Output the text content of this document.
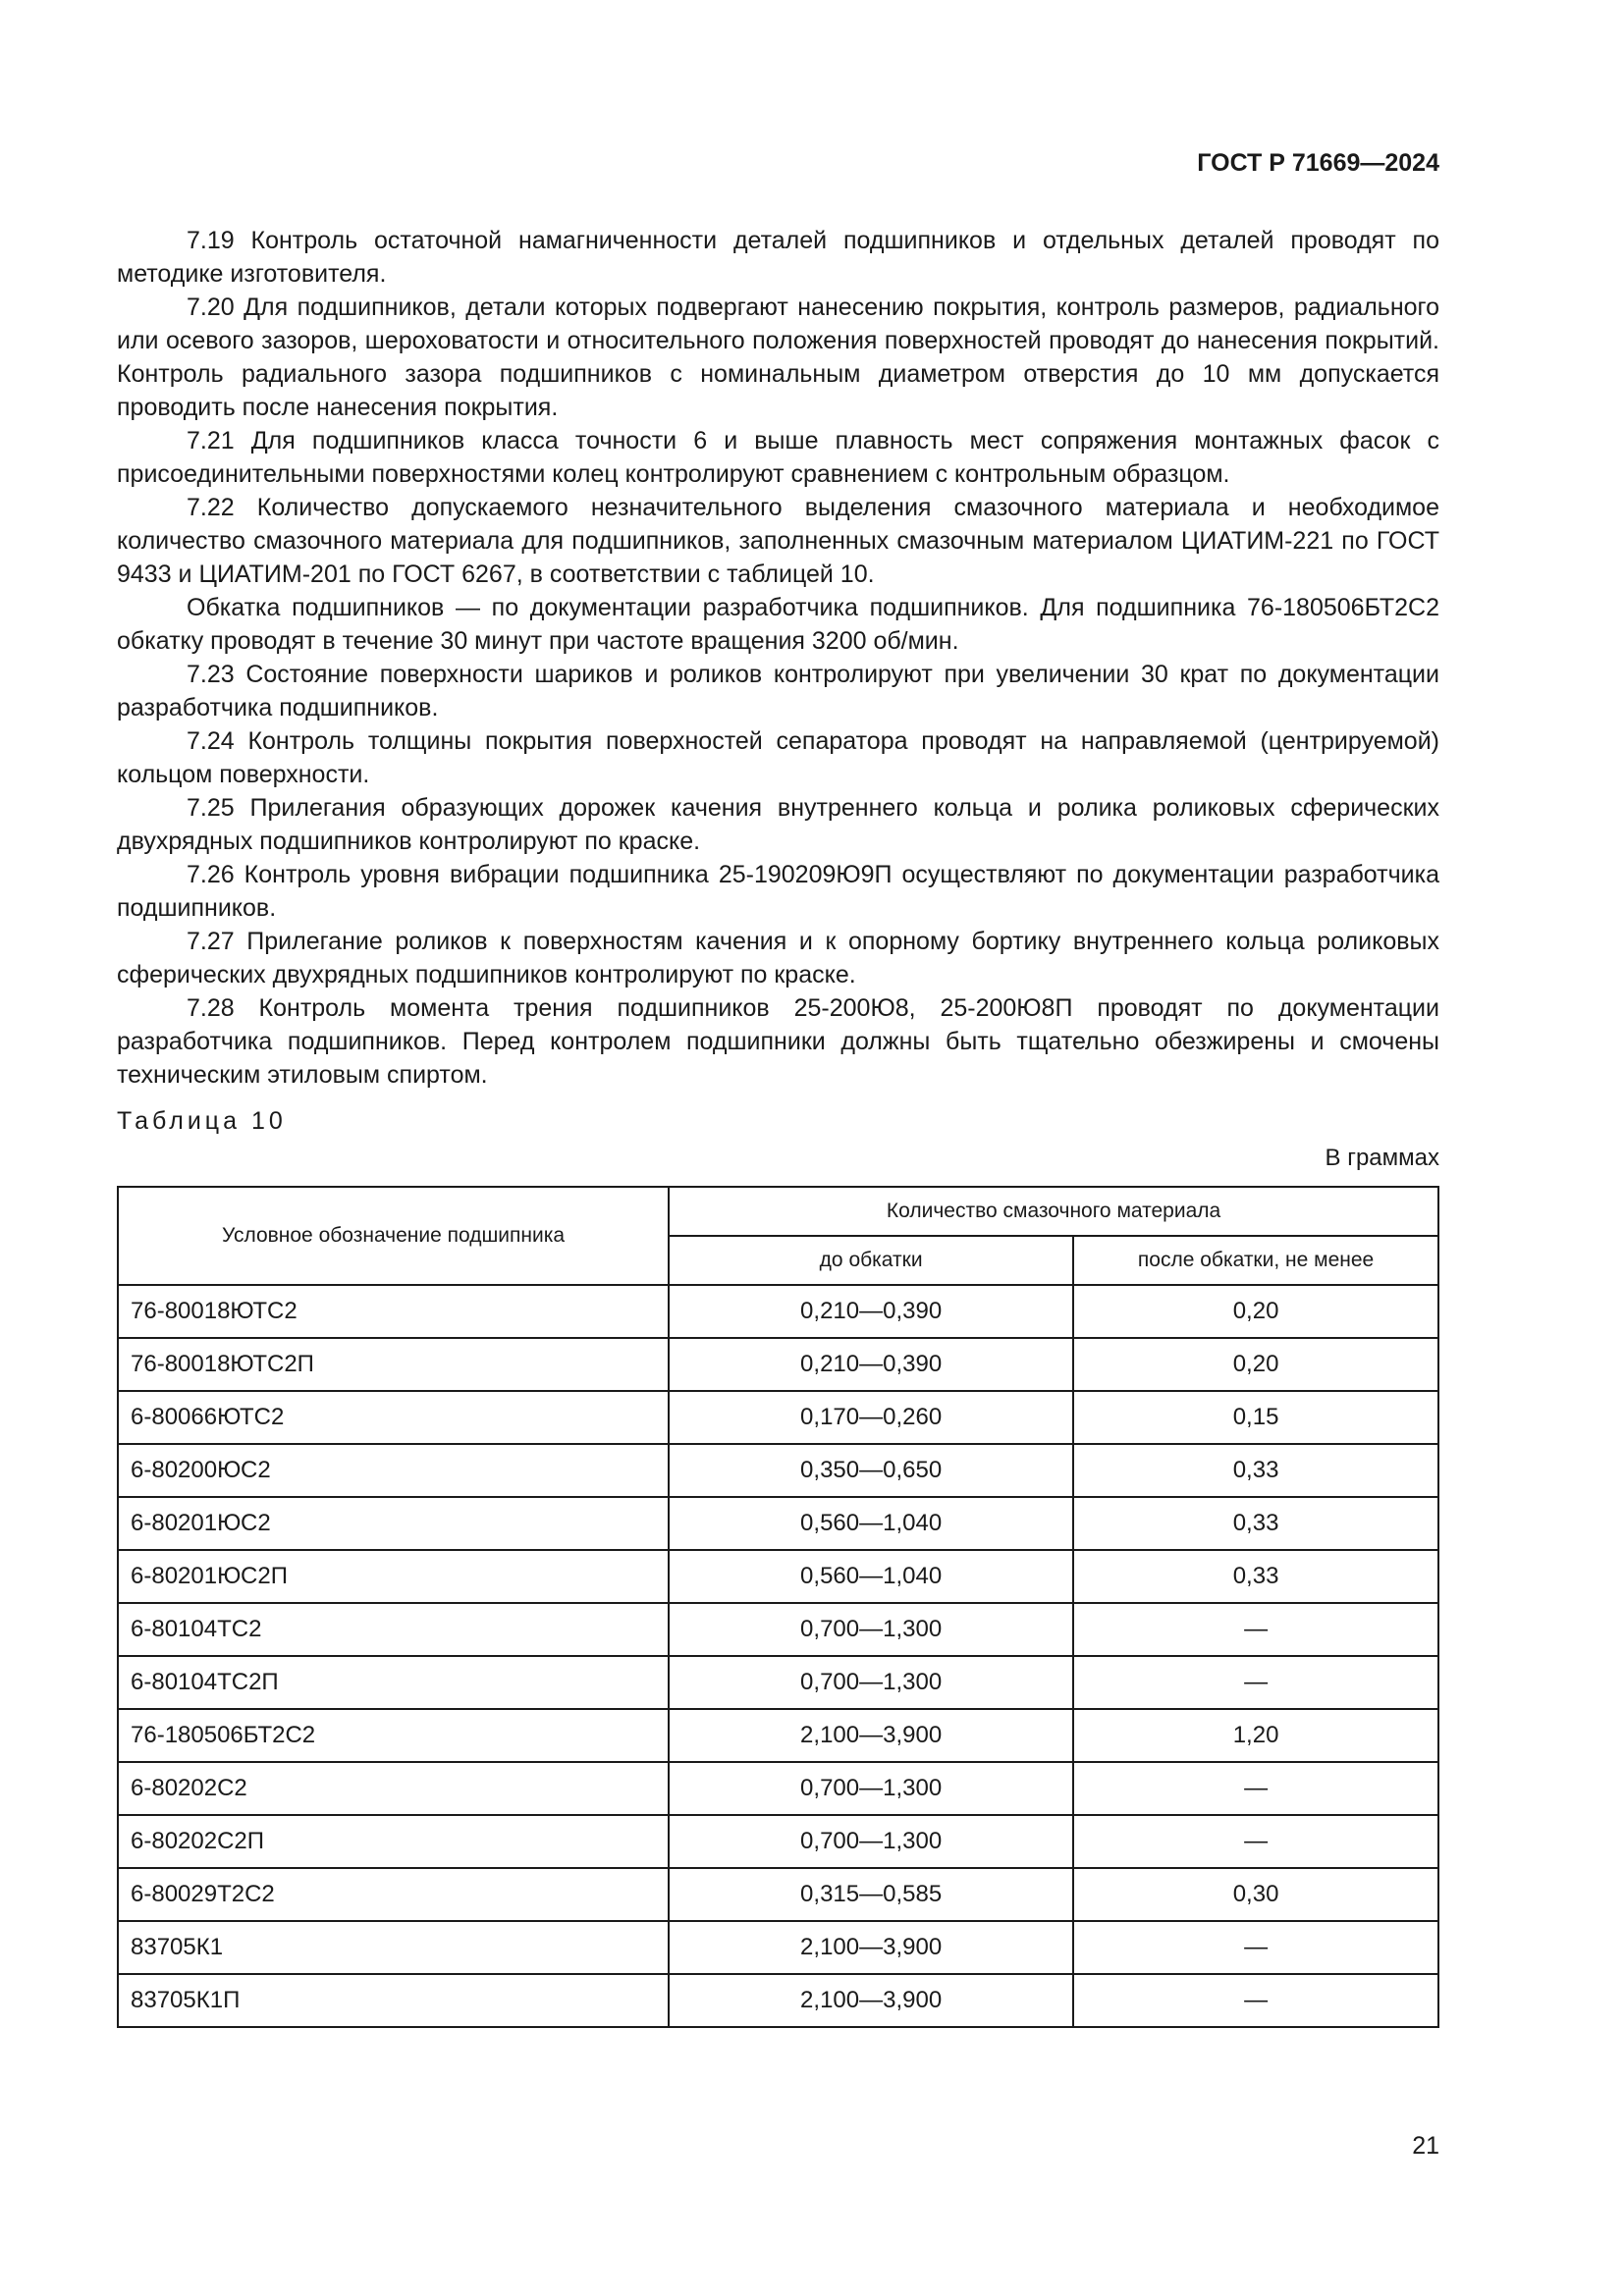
ГОСТ Р 71669—2024

7.19 Контроль остаточной намагниченности деталей подшипников и отдельных деталей проводят по методике изготовителя.

7.20 Для подшипников, детали которых подвергают нанесению покрытия, контроль размеров, радиального или осевого зазоров, шероховатости и относительного положения поверхностей проводят до нанесения покрытий. Контроль радиального зазора подшипников с номинальным диаметром отверстия до 10 мм допускается проводить после нанесения покрытия.

7.21 Для подшипников класса точности 6 и выше плавность мест сопряжения монтажных фасок с присоединительными поверхностями колец контролируют сравнением с контрольным образцом.

7.22 Количество допускаемого незначительного выделения смазочного материала и необходимое количество смазочного материала для подшипников, заполненных смазочным материалом ЦИАТИМ-221 по ГОСТ 9433 и ЦИАТИМ-201 по ГОСТ 6267, в соответствии с таблицей 10.

Обкатка подшипников — по документации разработчика подшипников. Для подшипника 76-180506БТ2С2 обкатку проводят в течение 30 минут при частоте вращения 3200 об/мин.

7.23 Состояние поверхности шариков и роликов контролируют при увеличении 30 крат по документации разработчика подшипников.

7.24 Контроль толщины покрытия поверхностей сепаратора проводят на направляемой (центрируемой) кольцом поверхности.

7.25 Прилегания образующих дорожек качения внутреннего кольца и ролика роликовых сферических двухрядных подшипников контролируют по краске.

7.26 Контроль уровня вибрации подшипника 25-190209Ю9П осуществляют по документации разработчика подшипников.

7.27 Прилегание роликов к поверхностям качения и к опорному бортику внутреннего кольца роликовых сферических двухрядных подшипников контролируют по краске.

7.28 Контроль момента трения подшипников 25-200Ю8, 25-200Ю8П проводят по документации разработчика подшипников. Перед контролем подшипники должны быть тщательно обезжирены и смочены техническим этиловым спиртом.

Таблица 10
В граммах
Условное обозначение подшипника	Количество смазочного материала	
	до обкатки	после обкатки, не менее
76-80018ЮТС2	0,210—0,390	0,20
76-80018ЮТС2П	0,210—0,390	0,20
6-80066ЮТС2	0,170—0,260	0,15
6-80200ЮС2	0,350—0,650	0,33
6-80201ЮС2	0,560—1,040	0,33
6-80201ЮС2П	0,560—1,040	0,33
6-80104ТС2	0,700—1,300	—
6-80104ТС2П	0,700—1,300	—
76-180506БТ2С2	2,100—3,900	1,20
6-80202С2	0,700—1,300	—
6-80202С2П	0,700—1,300	—
6-80029Т2С2	0,315—0,585	0,30
83705К1	2,100—3,900	—
83705К1П	2,100—3,900	—
21
